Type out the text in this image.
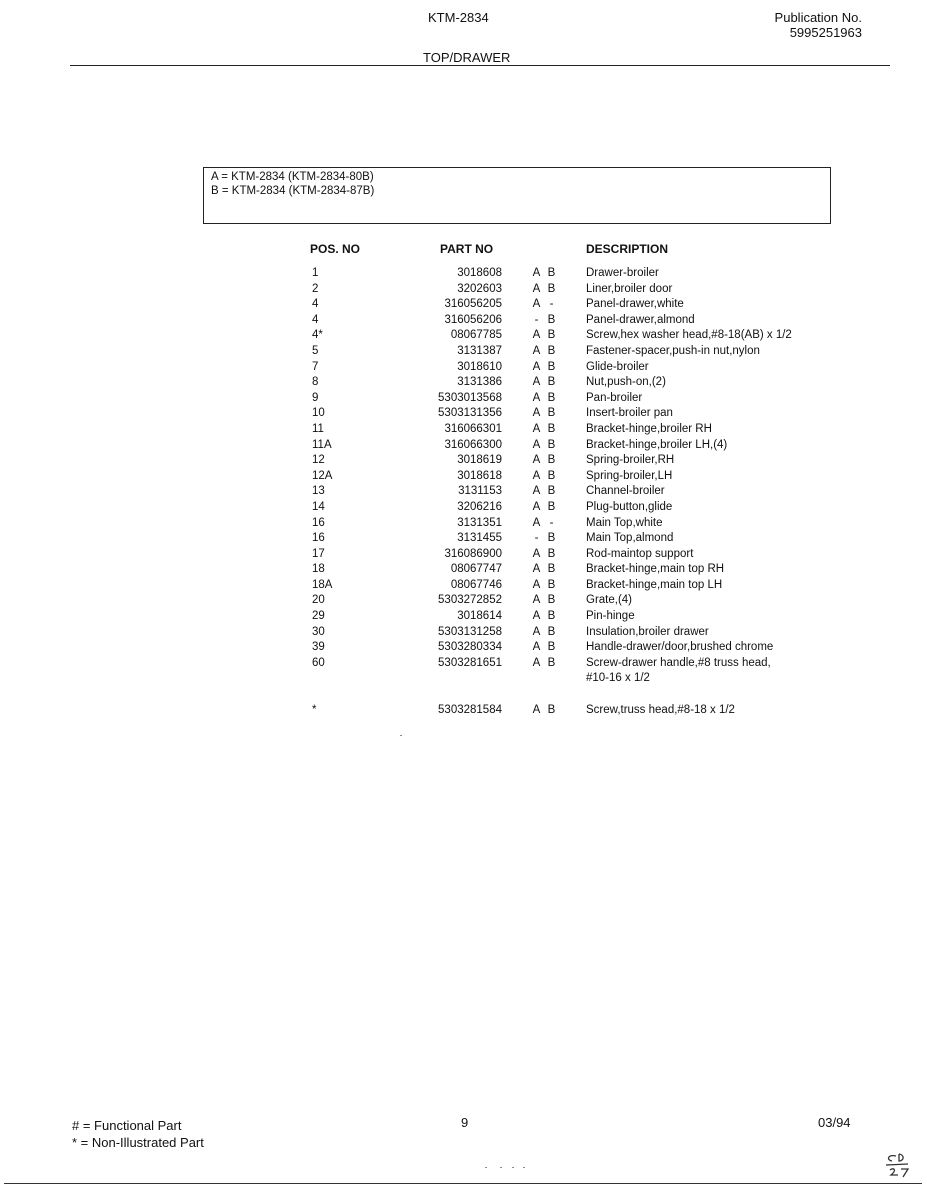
KTM-2834	Publication No.
5995251963
TOP/DRAWER
A = KTM-2834 (KTM-2834-80B)
B = KTM-2834 (KTM-2834-87B)
POS. NO	PART NO	DESCRIPTION
1	3018608	A B	Drawer-broiler
2	3202603	A B	Liner,broiler door
4	316056205	A -	Panel-drawer,white
4	316056206	- B	Panel-drawer,almond
4*	08067785	A B	Screw,hex washer head,#8-18(AB) x 1/2
5	3131387	A B	Fastener-spacer,push-in nut,nylon
7	3018610	A B	Glide-broiler
8	3131386	A B	Nut,push-on,(2)
9	5303013568	A B	Pan-broiler
10	5303131356	A B	Insert-broiler pan
11	316066301	A B	Bracket-hinge,broiler RH
11A	316066300	A B	Bracket-hinge,broiler LH,(4)
12	3018619	A B	Spring-broiler,RH
12A	3018618	A B	Spring-broiler,LH
13	3131153	A B	Channel-broiler
14	3206216	A B	Plug-button,glide
16	3131351	A -	Main Top,white
16	3131455	- B	Main Top,almond
17	316086900	A B	Rod-maintop support
18	08067747	A B	Bracket-hinge,main top RH
18A	08067746	A B	Bracket-hinge,main top LH
20	5303272852	A B	Grate,(4)
29	3018614	A B	Pin-hinge
30	5303131258	A B	Insulation,broiler drawer
39	5303280334	A B	Handle-drawer/door,brushed chrome
60	5303281651	A B	Screw-drawer handle,#8 truss head,
#10-16 x 1/2
*	5303281584	A B	Screw,truss head,#8-18 x 1/2
# = Functional Part
* = Non-Illustrated Part
9	03/94
